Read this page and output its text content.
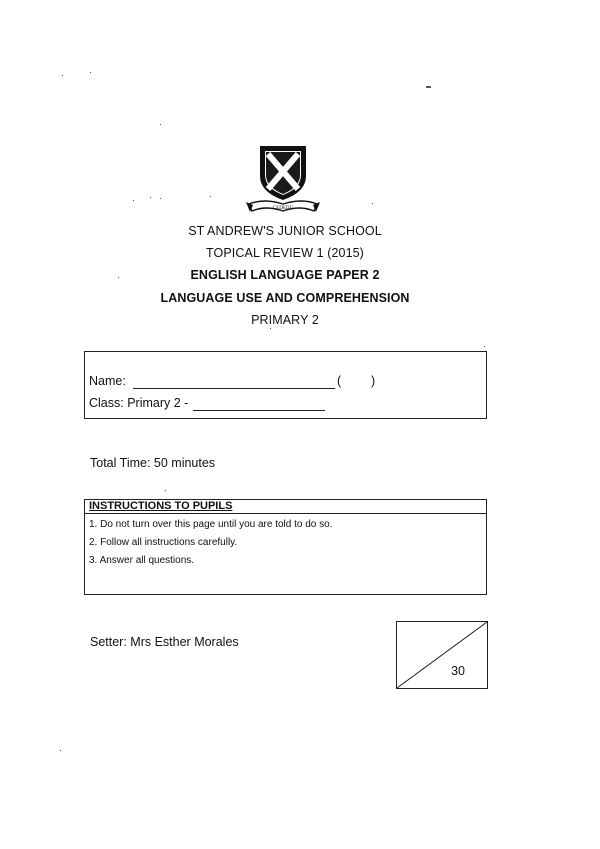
CEDEDU
ST ANDREW'S JUNIOR SCHOOL
TOPICAL REVIEW 1 (2015)
ENGLISH LANGUAGE PAPER 2
LANGUAGE USE AND COMPREHENSION
PRIMARY 2
Name:	( )
Class: Primary 2 -
Total Time: 50 minutes
INSTRUCTIONS TO PUPILS
1. Do not turn over this page until you are told to do so.
2. Follow all instructions carefully.
3. Answer all questions.
Setter: Mrs Esther Morales
30
